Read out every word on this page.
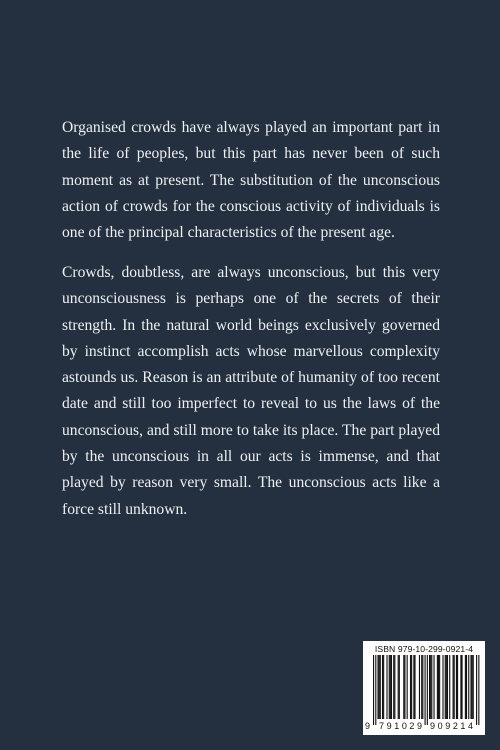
Organised crowds have always played an important part in the life of peoples, but this part has never been of such moment as at present. The substitution of the unconscious action of crowds for the conscious activity of individuals is one of the principal characteristics of the present age.

Crowds, doubtless, are always unconscious, but this very unconsciousness is perhaps one of the secrets of their strength. In the natural world beings exclusively governed by instinct accomplish acts whose marvellous complexity astounds us. Reason is an attribute of humanity of too recent date and still too imperfect to reveal to us the laws of the unconscious, and still more to take its place. The part played by the unconscious in all our acts is immense, and that played by reason very small. The unconscious acts like a force still unknown.

ISBN 979-10-299-0921-4
9 791029 909214
